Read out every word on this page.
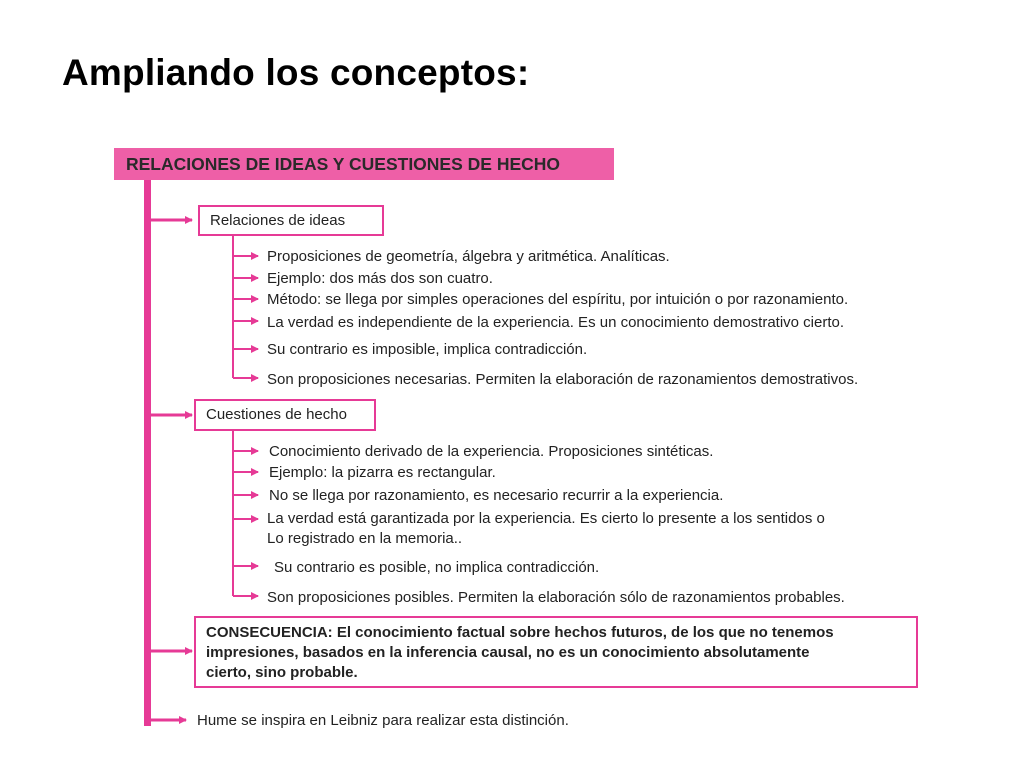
Ampliando los conceptos:
RELACIONES DE IDEAS Y CUESTIONES DE HECHO
Relaciones de ideas
Proposiciones de geometría, álgebra y aritmética. Analíticas.
Ejemplo: dos más dos son cuatro.
Método: se llega por simples operaciones del espíritu, por intuición o por razonamiento.
La verdad es independiente de la experiencia. Es un conocimiento demostrativo cierto.
Su contrario es imposible, implica contradicción.
Son proposiciones necesarias. Permiten la elaboración de razonamientos demostrativos.
Cuestiones de hecho
Conocimiento derivado de la experiencia. Proposiciones sintéticas.
Ejemplo: la pizarra es rectangular.
No se llega por razonamiento, es necesario recurrir a la experiencia.
La verdad está garantizada por la experiencia. Es cierto lo presente a los sentidos o
Lo registrado en la memoria..
Su contrario es posible, no implica contradicción.
Son proposiciones posibles. Permiten la elaboración sólo de razonamientos probables.
CONSECUENCIA: El conocimiento factual sobre hechos futuros, de los que no tenemos
impresiones, basados en la inferencia causal, no es un conocimiento absolutamente
cierto, sino probable.
Hume se inspira en Leibniz para realizar esta distinción.
